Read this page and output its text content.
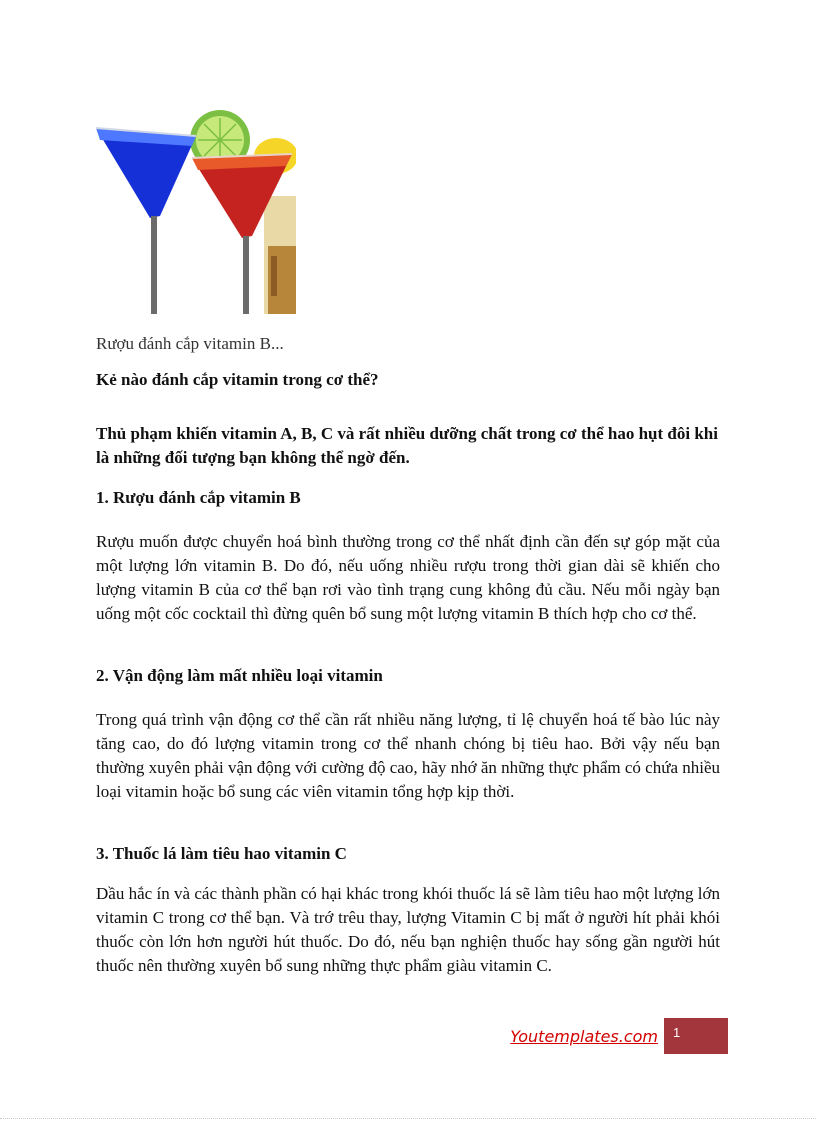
Rượu đánh cắp vitamin B...

Kẻ nào đánh cắp vitamin trong cơ thể?

Thủ phạm khiến vitamin A, B, C và rất nhiều dưỡng chất trong cơ thể hao hụt đôi khi là những đối tượng bạn không thể ngờ đến.

1. Rượu đánh cắp vitamin B

Rượu muốn được chuyển hoá bình thường trong cơ thể nhất định cần đến sự góp mặt của một lượng lớn vitamin B. Do đó, nếu uống nhiều rượu trong thời gian dài sẽ khiến cho lượng vitamin B của cơ thể bạn rơi vào tình trạng cung không đủ cầu. Nếu mỗi ngày bạn uống một cốc cocktail thì đừng quên bổ sung một lượng vitamin B thích hợp cho cơ thể.

2. Vận động làm mất nhiều loại vitamin

Trong quá trình vận động cơ thể cần rất nhiều năng lượng, tỉ lệ chuyển hoá tế bào lúc này tăng cao, do đó lượng vitamin trong cơ thể nhanh chóng bị tiêu hao. Bởi vậy nếu bạn thường xuyên phải vận động với cường độ cao, hãy nhớ ăn những thực phẩm có chứa nhiều loại vitamin hoặc bổ sung các viên vitamin tổng hợp kịp thời.

3. Thuốc lá làm tiêu hao vitamin C

Dầu hắc ín và các thành phần có hại khác trong khói thuốc lá sẽ làm tiêu hao một lượng lớn vitamin C trong cơ thể bạn. Và trớ trêu thay, lượng Vitamin C bị mất ở người hít phải khói thuốc còn lớn hơn người hút thuốc. Do đó, nếu bạn nghiện thuốc hay sống gần người hút thuốc nên thường xuyên bổ sung những thực phẩm giàu vitamin C.

Youtemplates.com	1
